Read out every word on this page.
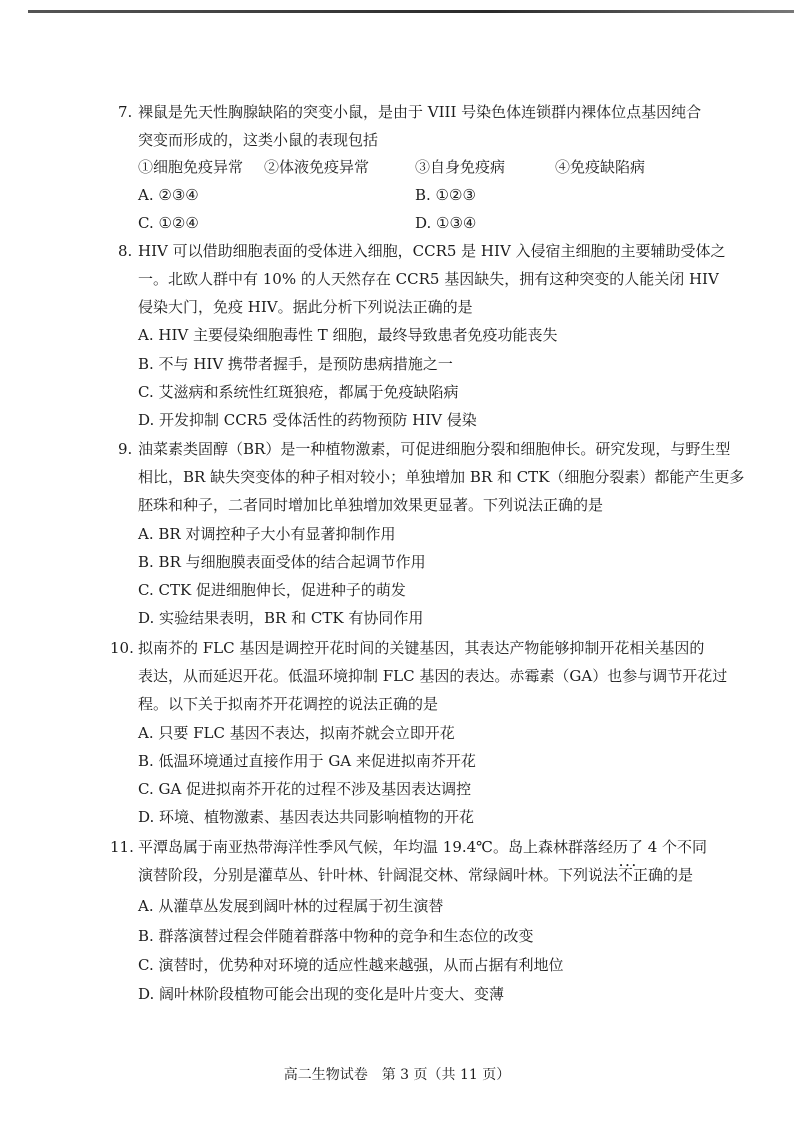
7. 裸鼠是先天性胸腺缺陷的突变小鼠，是由于 VIII 号染色体连锁群内裸体位点基因纯合
突变而形成的，这类小鼠的表现包括
①细胞免疫异常 ②体液免疫异常	③自身免疫病	④免疫缺陷病
A. ②③④	B. ①②③
C. ①②④	D. ①③④
8. HIV 可以借助细胞表面的受体进入细胞，CCR5 是 HIV 入侵宿主细胞的主要辅助受体之
一。北欧人群中有 10% 的人天然存在 CCR5 基因缺失，拥有这种突变的人能关闭 HIV
侵染大门，免疫 HIV。据此分析下列说法正确的是
A. HIV 主要侵染细胞毒性 T 细胞，最终导致患者免疫功能丧失
B. 不与 HIV 携带者握手，是预防患病措施之一
C. 艾滋病和系统性红斑狼疮，都属于免疫缺陷病
D. 开发抑制 CCR5 受体活性的药物预防 HIV 侵染
9. 油菜素类固醇（BR）是一种植物激素，可促进细胞分裂和细胞伸长。研究发现，与野生型
相比，BR 缺失突变体的种子相对较小；单独增加 BR 和 CTK（细胞分裂素）都能产生更多
胚珠和种子，二者同时增加比单独增加效果更显著。下列说法正确的是
A. BR 对调控种子大小有显著抑制作用
B. BR 与细胞膜表面受体的结合起调节作用
C. CTK 促进细胞伸长，促进种子的萌发
D. 实验结果表明，BR 和 CTK 有协同作用
10. 拟南芥的 FLC 基因是调控开花时间的关键基因，其表达产物能够抑制开花相关基因的
表达，从而延迟开花。低温环境抑制 FLC 基因的表达。赤霉素（GA）也参与调节开花过
程。以下关于拟南芥开花调控的说法正确的是
A. 只要 FLC 基因不表达，拟南芥就会立即开花
B. 低温环境通过直接作用于 GA 来促进拟南芥开花
C. GA 促进拟南芥开花的过程不涉及基因表达调控
D. 环境、植物激素、基因表达共同影响植物的开花
11. 平潭岛属于南亚热带海洋性季风气候，年均温 19.4℃。岛上森林群落经历了 4 个不同
演替阶段，分别是灌草丛、针叶林、针阔混交林、常绿阔叶林。下列说法不正确 • •的是
A. 从灌草丛发展到阔叶林的过程属于初生演替
B. 群落演替过程会伴随着群落中物种的竞争和生态位的改变
C. 演替时，优势种对环境的适应性越来越强，从而占据有利地位
D. 阔叶林阶段植物可能会出现的变化是叶片变大、变薄
高二生物试卷　第 3 页（共 11 页）
